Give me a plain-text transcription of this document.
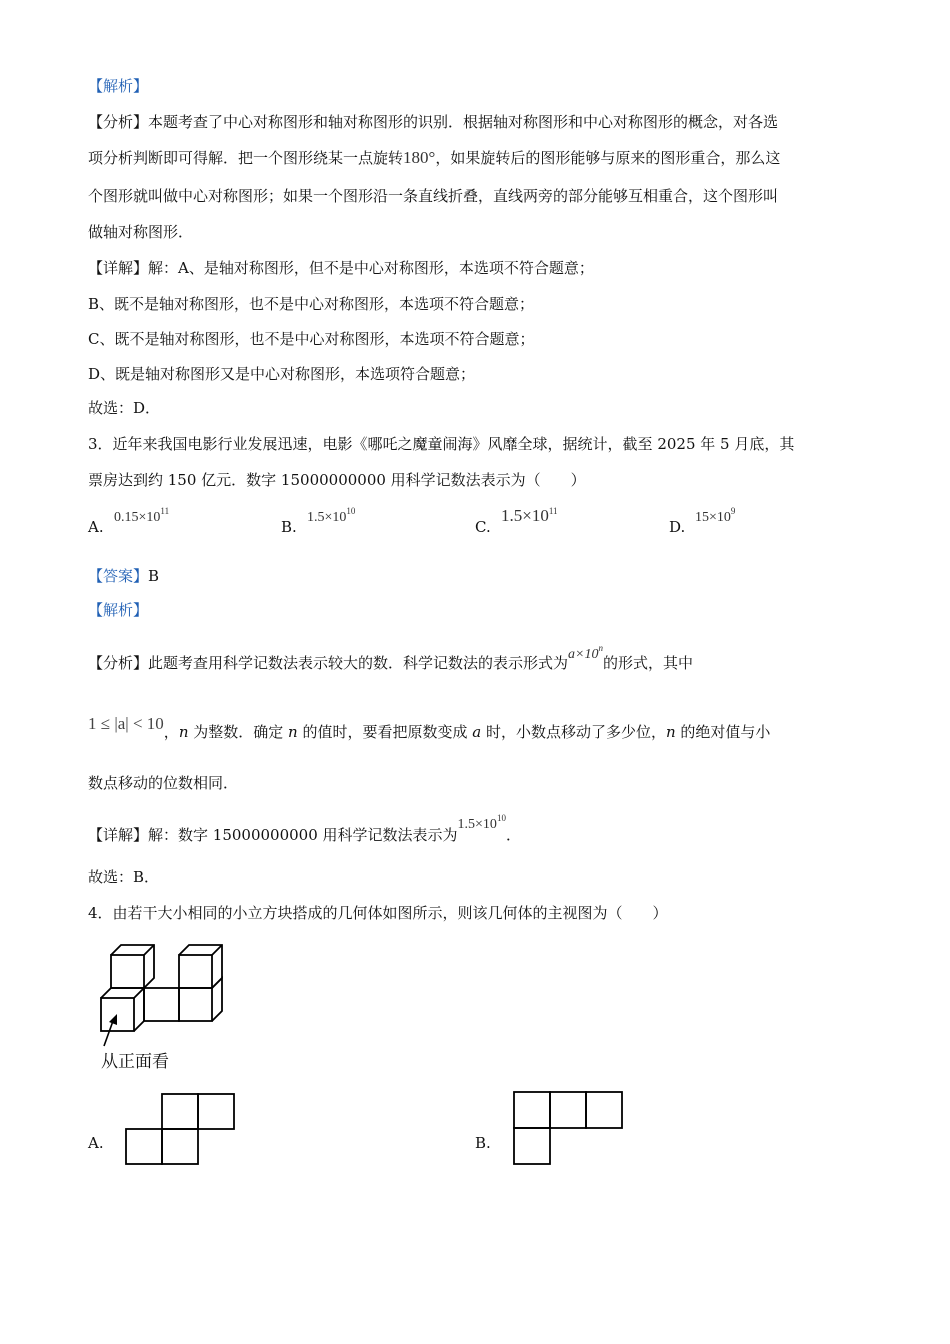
【解析】
【分析】本题考查了中心对称图形和轴对称图形的识别．根据轴对称图形和中心对称图形的概念，对各选
项分析判断即可得解．把一个图形绕某一点旋转180°，如果旋转后的图形能够与原来的图形重合，那么这
个图形就叫做中心对称图形；如果一个图形沿一条直线折叠，直线两旁的部分能够互相重合，这个图形叫
做轴对称图形．
【详解】解：A、是轴对称图形，但不是中心对称图形，本选项不符合题意；
B、既不是轴对称图形，也不是中心对称图形，本选项不符合题意；
C、既不是轴对称图形，也不是中心对称图形，本选项不符合题意；
D、既是轴对称图形又是中心对称图形，本选项符合题意；
故选：D．
3．近年来我国电影行业发展迅速，电影《哪吒之魔童闹海》风靡全球，据统计，截至 2025 年 5 月底，其
票房达到约 150 亿元．数字 15000000000 用科学记数法表示为（　　）
A.
$0.15\times 10^{11}$
B.
$1.5\times 10^{10}$
C.
$1.5\times 10^{11}$
D.
$15\times 10^9$
【答案】B
【解析】
【分析】此题考查用科学记数法表示较大的数．科学记数法的表示形式为$a\times 10^n$的形式，其中
1 ≤ |a| < 10，n 为整数．确定 n 的值时，要看把原数变成 a 时，小数点移动了多少位，n 的绝对值与小
数点移动的位数相同．
【详解】解：数字 15000000000 用科学记数法表示为$1.5\times 10^{10}$．
故选：B．
4．由若干大小相同的小立方块搭成的几何体如图所示，则该几何体的主视图为（　　）
从正面看
A.	B.
